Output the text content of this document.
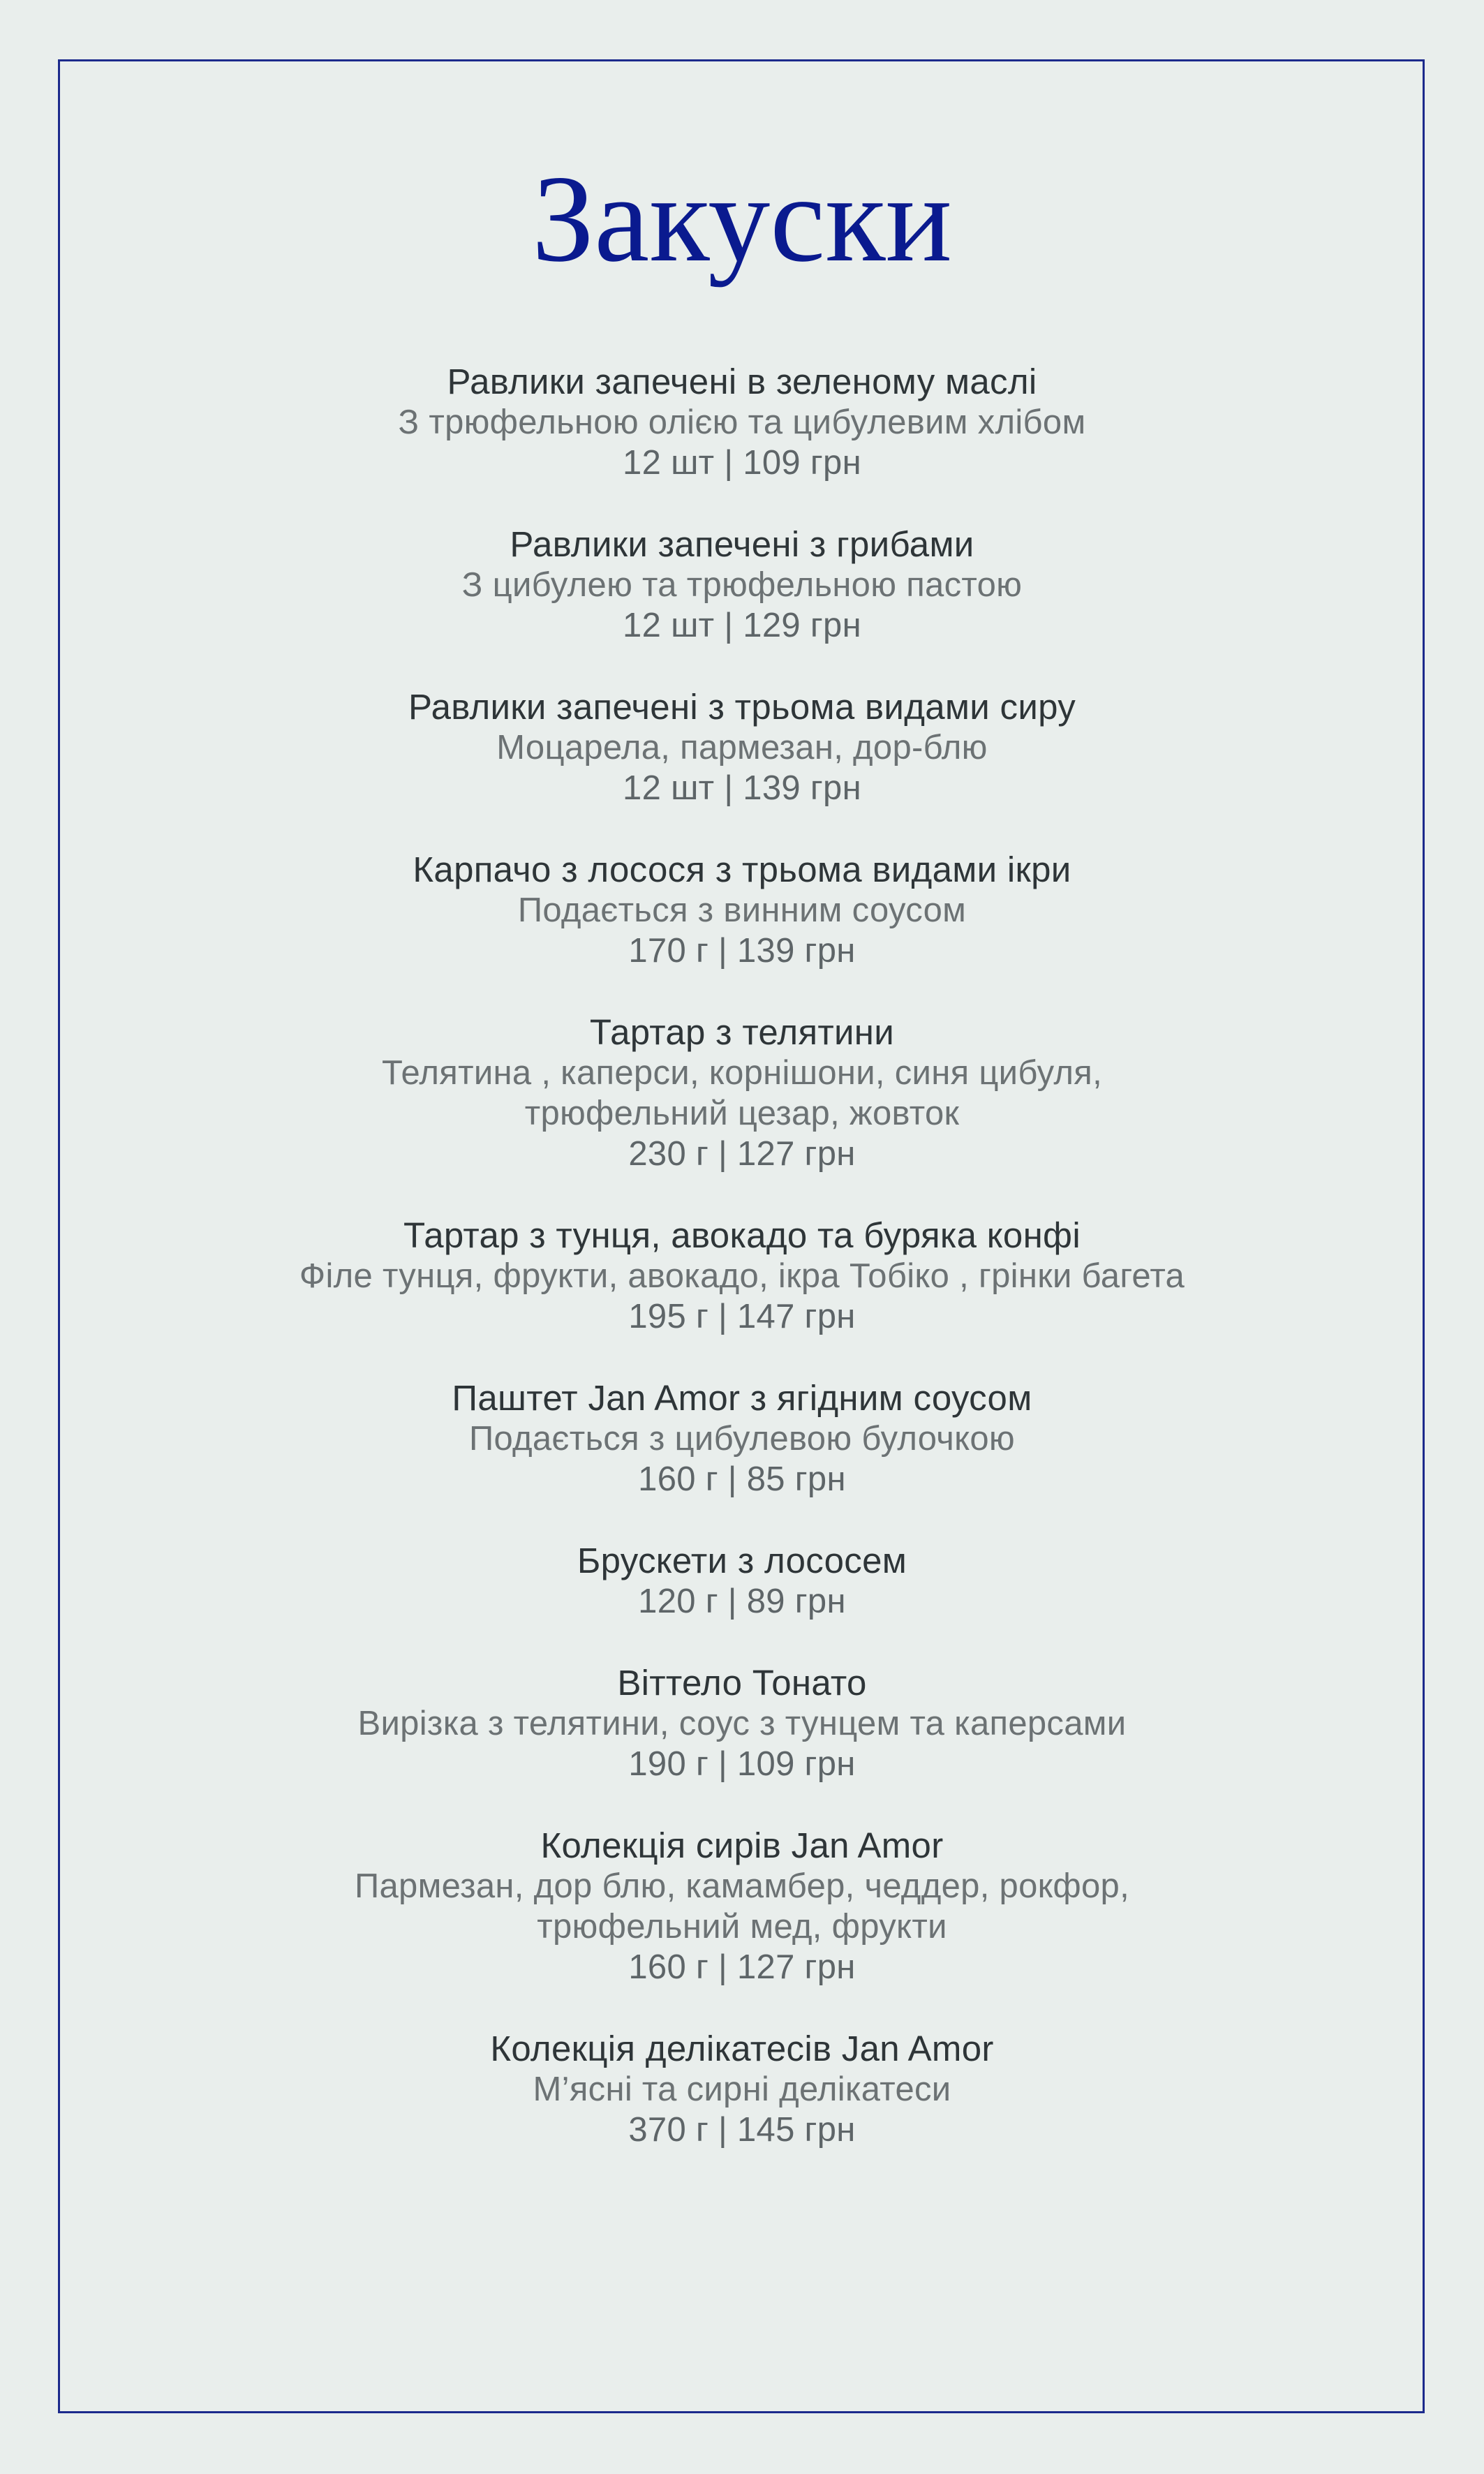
Закуски
Равлики запечені в зеленому маслі
З трюфельною олією та цибулевим хлібом
12 шт | 109 грн
Равлики запечені з грибами
З цибулею та трюфельною пастою
12 шт | 129 грн
Равлики запечені з трьома видами сиру
Моцарела, пармезан, дор-блю
12 шт | 139 грн
Карпачо з лосося з трьома видами ікри
Подається з винним соусом
170 г | 139 грн
Тартар з телятини
Телятина , каперси, корнішони, синя цибуля,
трюфельний цезар, жовток
230 г | 127 грн
Тартар з тунця, авокадо та буряка конфі
Філе тунця, фрукти, авокадо, ікра Тобіко , грінки багета
195 г | 147 грн
Паштет Jan Amor з ягідним соусом
Подається з цибулевою булочкою
160 г | 85 грн
Брускети з лососем
120 г | 89 грн
Віттело Тонато
Вирізка з телятини, соус з тунцем та каперсами
190 г | 109 грн
Колекція сирів Jan Amor
Пармезан, дор блю, камамбер, чеддер, рокфор,
трюфельний мед, фрукти
160 г | 127 грн
Колекція делікатесів Jan Amor
М’ясні та сирні делікатеси
370 г | 145 грн
